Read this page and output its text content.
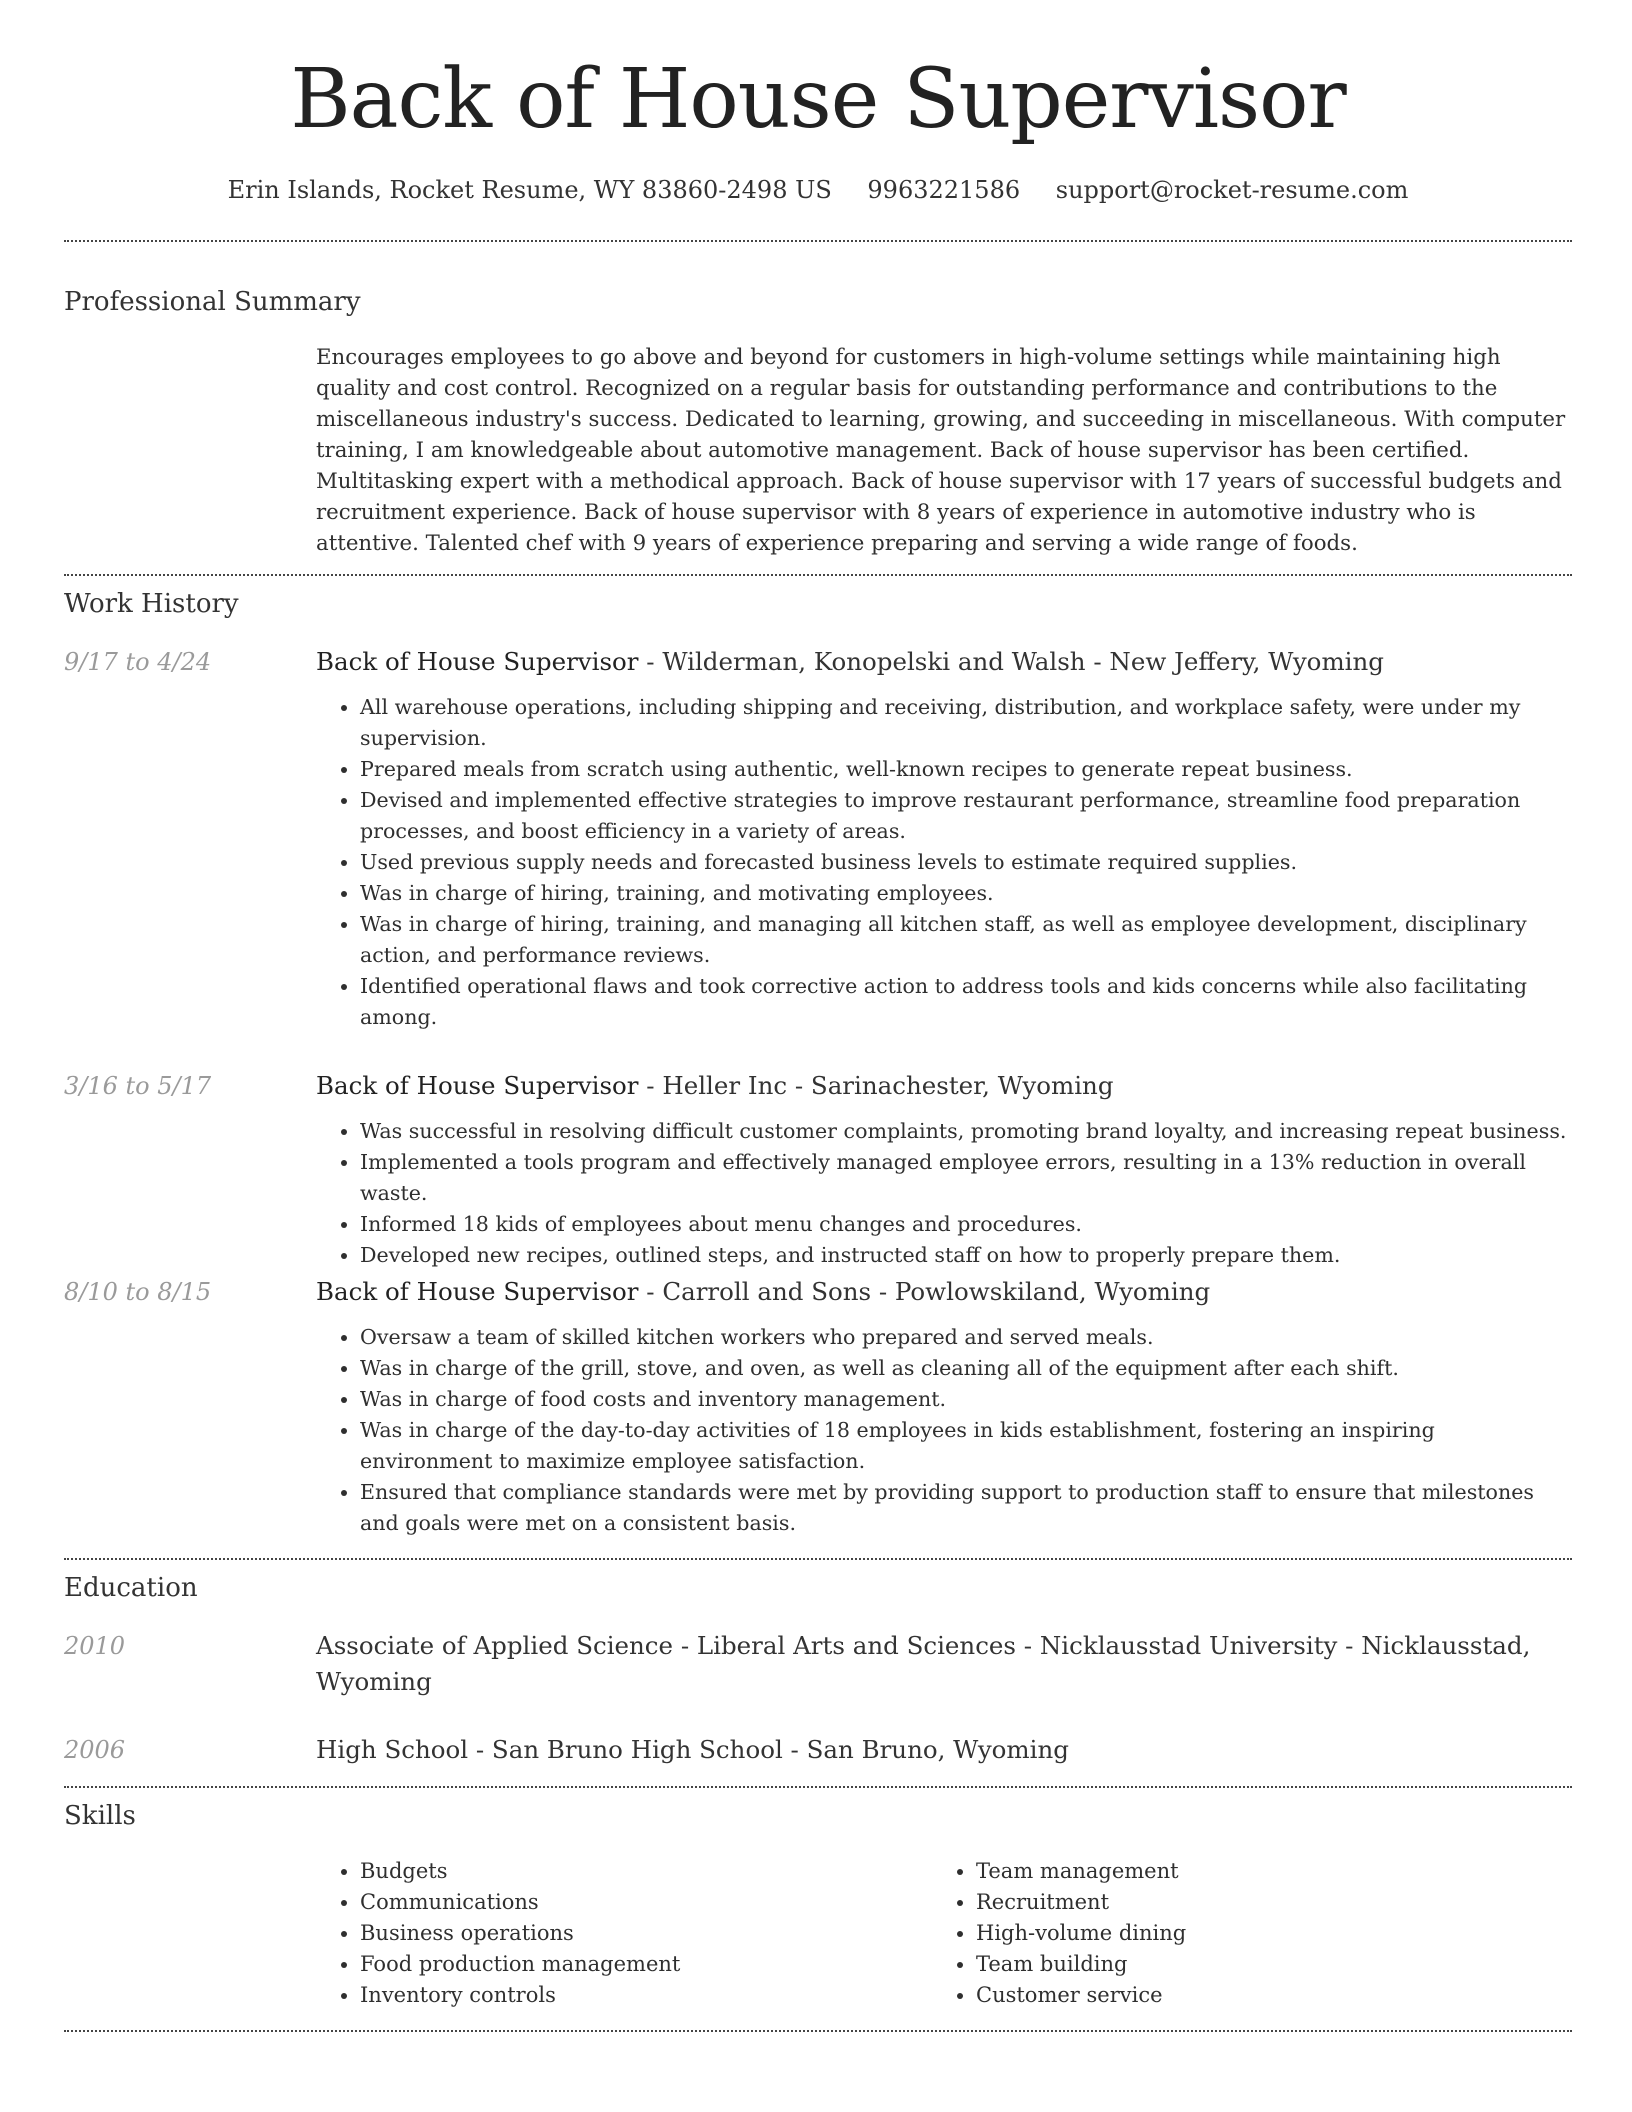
Back of House Supervisor
Erin Islands, Rocket Resume, WY 83860-2498 US 9963221586 support@rocket-resume.com
Professional Summary

Encourages employees to go above and beyond for customers in high-volume settings while maintaining high quality and cost control. Recognized on a regular basis for outstanding performance and contributions to the miscellaneous industry's success. Dedicated to learning, growing, and succeeding in miscellaneous. With computer training, I am knowledgeable about automotive management. Back of house supervisor has been certified. Multitasking expert with a methodical approach. Back of house supervisor with 17 years of successful budgets and recruitment experience. Back of house supervisor with 8 years of experience in automotive industry who is attentive. Talented chef with 9 years of experience preparing and serving a wide range of foods.

Work History
9/17 to 4/24	Back of House Supervisor - Wilderman, Konopelski and Walsh - New Jeffery, Wyoming

• All warehouse operations, including shipping and receiving, distribution, and workplace safety, were under my supervision.
• Prepared meals from scratch using authentic, well-known recipes to generate repeat business.
• Devised and implemented effective strategies to improve restaurant performance, streamline food preparation processes, and boost efficiency in a variety of areas.
• Used previous supply needs and forecasted business levels to estimate required supplies.
• Was in charge of hiring, training, and motivating employees.
• Was in charge of hiring, training, and managing all kitchen staff, as well as employee development, disciplinary action, and performance reviews.
• Identified operational flaws and took corrective action to address tools and kids concerns while also facilitating among.
3/16 to 5/17	Back of House Supervisor - Heller Inc - Sarinachester, Wyoming

• Was successful in resolving difficult customer complaints, promoting brand loyalty, and increasing repeat business.
• Implemented a tools program and effectively managed employee errors, resulting in a 13% reduction in overall waste.
• Informed 18 kids of employees about menu changes and procedures.
• Developed new recipes, outlined steps, and instructed staff on how to properly prepare them.
8/10 to 8/15	Back of House Supervisor - Carroll and Sons - Powlowskiland, Wyoming

• Oversaw a team of skilled kitchen workers who prepared and served meals.
• Was in charge of the grill, stove, and oven, as well as cleaning all of the equipment after each shift.
• Was in charge of food costs and inventory management.
• Was in charge of the day-to-day activities of 18 employees in kids establishment, fostering an inspiring environment to maximize employee satisfaction.
• Ensured that compliance standards were met by providing support to production staff to ensure that milestones and goals were met on a consistent basis.
Education
2010	Associate of Applied Science - Liberal Arts and Sciences - Nicklausstad University - Nicklausstad, Wyoming

2006	High School - San Bruno High School - San Bruno, Wyoming

Skills
• Budgets
• Communications
• Business operations
• Food production management
• Inventory controls
• Team management
• Recruitment
• High-volume dining
• Team building
• Customer service
